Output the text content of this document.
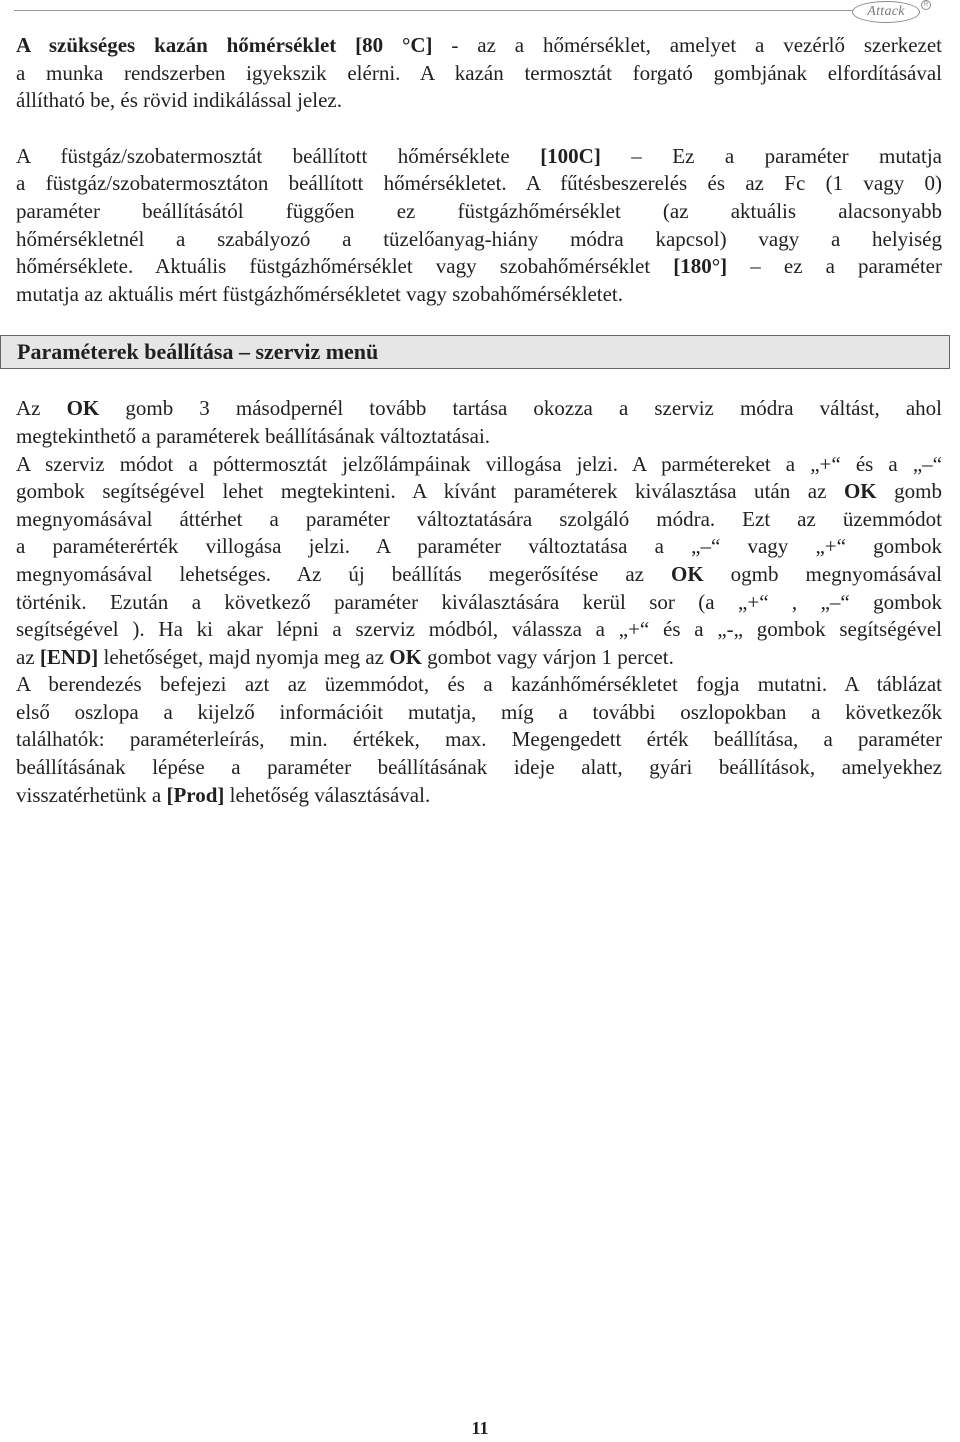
Attack	R

A szükséges kazán hőmérséklet [80 °C] - az a hőmérséklet, amelyet a vezérlő szerkezet

a munka rendszerben igyekszik elérni. A kazán termosztát forgató gombjának elfordításával

állítható be, és rövid indikálással jelez.

A füstgáz/szobatermosztát beállított hőmérséklete [100C] – Ez a paraméter mutatja

a füstgáz/szobatermosztáton beállított hőmérsékletet. A fűtésbeszerelés és az Fc (1 vagy 0)

paraméter beállításától függően ez füstgázhőmérséklet (az aktuális alacsonyabb

hőmérsékletnél a szabályozó a tüzelőanyag-hiány módra kapcsol) vagy a helyiség

hőmérséklete. Aktuális füstgázhőmérséklet vagy szobahőmérséklet [180°] – ez a paraméter

mutatja az aktuális mért füstgázhőmérsékletet vagy szobahőmérsékletet.

Paraméterek beállítása – szerviz menü

Az OK gomb 3 másodpernél tovább tartása okozza a szerviz módra váltást, ahol

megtekinthető a paraméterek beállításának változtatásai.

A szerviz módot a póttermosztát jelzőlámpáinak villogása jelzi. A parmétereket a „+“ és a „–“

gombok segítségével lehet megtekinteni. A kívánt paraméterek kiválasztása után az OK gomb

megnyomásával áttérhet a paraméter változtatására szolgáló módra. Ezt az üzemmódot

a paraméterérték villogása jelzi. A paraméter változtatása a „–“ vagy „+“ gombok

megnyomásával lehetséges. Az új beállítás megerősítése az OK ogmb megnyomásával

történik. Ezután a következő paraméter kiválasztására kerül sor (a „+“ , „–“ gombok

segítségével ). Ha ki akar lépni a szerviz módból, válassza a „+“ és a „-„ gombok segítségével

az [END] lehetőséget, majd nyomja meg az OK gombot vagy várjon 1 percet.

A berendezés befejezi azt az üzemmódot, és a kazánhőmérsékletet fogja mutatni. A táblázat

első oszlopa a kijelző információit mutatja, míg a további oszlopokban a következők

találhatók: paraméterleírás, min. értékek, max. Megengedett érték beállítása, a paraméter

beállításának lépése a paraméter beállításának ideje alatt, gyári beállítások, amelyekhez

visszatérhetünk a [Prod] lehetőség választásával.

11
